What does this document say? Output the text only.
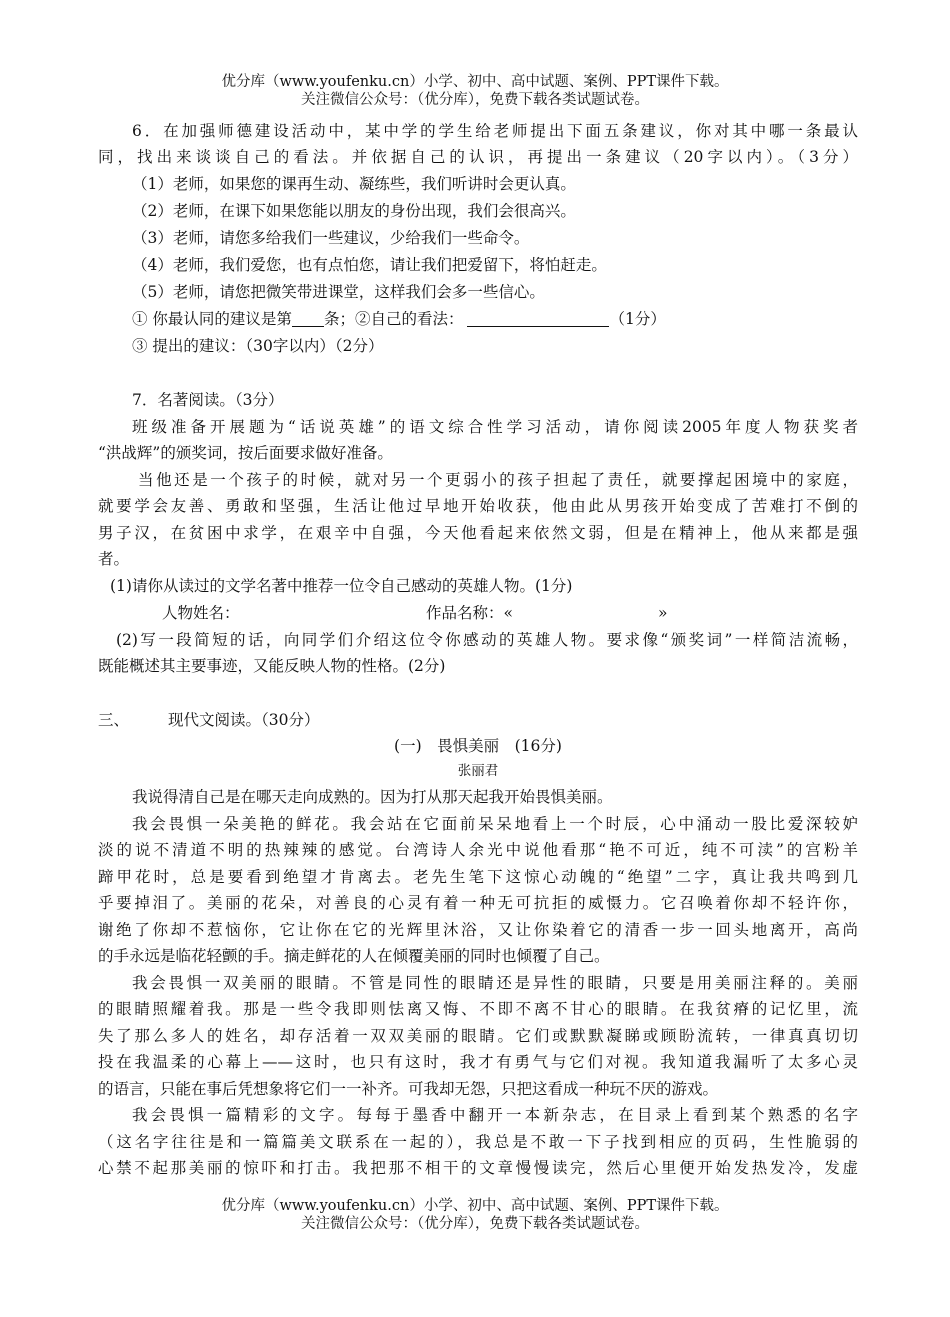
优分库（www.youfenku.cn）小学、初中、高中试题、案例、PPT课件下载。
关注微信公众号：（优分库），免费下载各类试题试卷。
6．在加强师德建设活动中，某中学的学生给老师提出下面五条建议，你对其中哪一条最认
同，找出来谈谈自己的看法。并依据自己的认识，再提出一条建议（20字以内）。（3分）
（1）老师，如果您的课再生动、凝练些，我们听讲时会更认真。
（2）老师，在课下如果您能以朋友的身份出现，我们会很高兴。
（3）老师，请您多给我们一些建议，少给我们一些命令。
（4）老师，我们爱您，也有点怕您，请让我们把爱留下，将怕赶走。
（5）老师，请您把微笑带进课堂，这样我们会多一些信心。
① 你最认同的建议是第 条；②自己的看法：	（1分）
③ 提出的建议：（30字以内）（2分）
7．名著阅读。（3分）
班级准备开展题为“话说英雄”的语文综合性学习活动，请你阅读2005年度人物获奖者
“洪战辉”的颁奖词，按后面要求做好准备。
当他还是一个孩子的时候，就对另一个更弱小的孩子担起了责任，就要撑起困境中的家庭，
就要学会友善、勇敢和坚强，生活让他过早地开始收获，他由此从男孩开始变成了苦难打不倒的
男子汉，在贫困中求学，在艰辛中自强，今天他看起来依然文弱，但是在精神上，他从来都是强
者。
(1)请你从读过的文学名著中推荐一位令自己感动的英雄人物。(1分)
人物姓名：	作品名称：«	»
(2)写一段简短的话，向同学们介绍这位令你感动的英雄人物。要求像“颁奖词”一样简洁流畅，
既能概述其主要事迹，又能反映人物的性格。(2分)
三、	现代文阅读。（30分）
(一)　畏惧美丽　(16分)
张丽君
我说得清自己是在哪天走向成熟的。因为打从那天起我开始畏惧美丽。
我会畏惧一朵美艳的鲜花。我会站在它面前呆呆地看上一个时辰，心中涌动一股比爱深较妒
淡的说不清道不明的热辣辣的感觉。台湾诗人余光中说他看那“艳不可近，纯不可渎”的宫粉羊
蹄甲花时，总是要看到绝望才肯离去。老先生笔下这惊心动魄的“绝望”二字，真让我共鸣到几
乎要掉泪了。美丽的花朵，对善良的心灵有着一种无可抗拒的威慑力。它召唤着你却不轻许你，
谢绝了你却不惹恼你，它让你在它的光辉里沐浴，又让你染着它的清香一步一回头地离开，高尚
的手永远是临花轻颤的手。摘走鲜花的人在倾覆美丽的同时也倾覆了自己。
我会畏惧一双美丽的眼睛。不管是同性的眼睛还是异性的眼睛，只要是用美丽注释的。美丽
的眼睛照耀着我。那是一些令我即则怯离又悔、不即不离不甘心的眼睛。在我贫瘠的记忆里，流
失了那么多人的姓名，却存活着一双双美丽的眼睛。它们或默默凝睇或顾盼流转，一律真真切切
投在我温柔的心幕上——这时，也只有这时，我才有勇气与它们对视。我知道我漏听了太多心灵
的语言，只能在事后凭想象将它们一一补齐。可我却无怨，只把这看成一种玩不厌的游戏。
我会畏惧一篇精彩的文字。每每于墨香中翻开一本新杂志，在目录上看到某个熟悉的名字
（这名字往往是和一篇篇美文联系在一起的），我总是不敢一下子找到相应的页码，生性脆弱的
心禁不起那美丽的惊吓和打击。我把那不相干的文章慢慢读完，然后心里便开始发热发冷，发虚
优分库（www.youfenku.cn）小学、初中、高中试题、案例、PPT课件下载。
关注微信公众号：（优分库），免费下载各类试题试卷。
